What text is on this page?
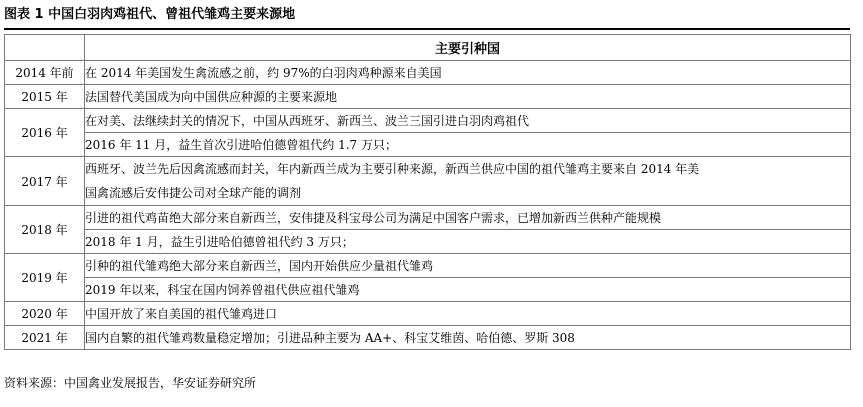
图表 1 中国白羽肉鸡祖代、曾祖代雏鸡主要来源地
	主要引种国
2014 年前	在 2014 年美国发生禽流感之前，约 97%的白羽肉鸡种源来自美国
2015 年	法国替代美国成为向中国供应种源的主要来源地
2016 年	在对美、法继续封关的情况下，中国从西班牙、新西兰、波兰三国引进白羽肉鸡祖代
	2016 年 11 月，益生首次引进哈伯德曾祖代约 1.7 万只；
2017 年	西班牙、波兰先后因禽流感而封关，年内新西兰成为主要引种来源，新西兰供应中国的祖代雏鸡主要来自 2014 年美
国禽流感后安伟捷公司对全球产能的调剂

2018 年	引进的祖代鸡苗绝大部分来自新西兰，安伟捷及科宝母公司为满足中国客户需求，已增加新西兰供种产能规模
	2018 年 1 月，益生引进哈伯德曾祖代约 3 万只；
2019 年	引种的祖代雏鸡绝大部分来自新西兰，国内开始供应少量祖代雏鸡
	2019 年以来，科宝在国内饲养曾祖代供应祖代雏鸡
2020 年	中国开放了来自美国的祖代雏鸡进口
2021 年	国内自繁的祖代雏鸡数量稳定增加；引进品种主要为 AA+、科宝艾维茵、哈伯德、罗斯 308
资料来源：中国禽业发展报告，华安证券研究所
